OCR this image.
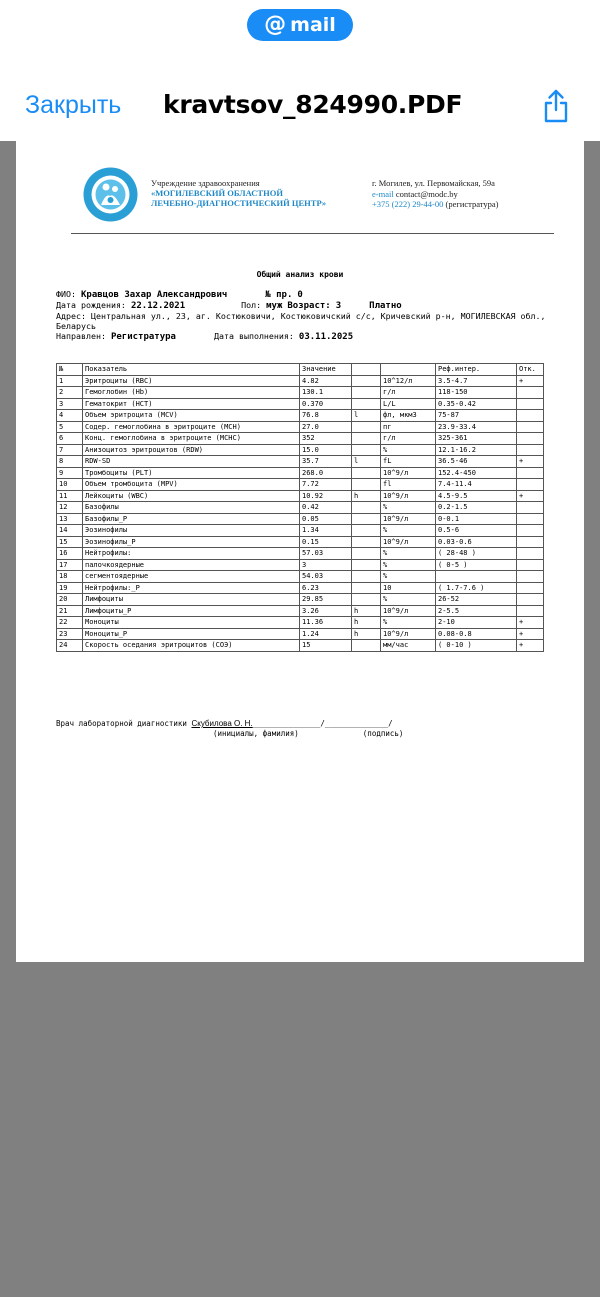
@ mail
Закрыть kravtsov_824990.PDF
Учреждение здравоохранения
«МОГИЛЕВСКИЙ ОБЛАСТНОЙ
ЛЕЧЕБНО-ДИАГНОСТИЧЕСКИЙ ЦЕНТР»
г. Могилев, ул. Первомайская, 59а
e-mail contact@modc.by
+375 (222) 29-44-00 (регистратура)
Общий анализ крови
ФИО: Кравцов Захар Александрович	№ пр. 0
Дата рождения: 22.12.2021	Пол: муж Возраст: 3	Платно
Адрес: Центральная ул., 23, аг. Костюковичи, Костюковичский с/с, Кричевский р-н, МОГИЛЕВСКАЯ обл., Беларусь
Направлен: Регистратура	Дата выполнения: 03.11.2025
№	Показатель	Значение			Реф.интер.	Отк.
1	Эритроциты (RBC)	4.82		10^12/л	3.5-4.7	+
2	Гемоглобин (Hb)	130.1		г/л	118-150	
3	Гематокрит (HCT)	0.370		L/L	0.35-0.42	
4	Объем эритроцита (MCV)	76.8	l	фл, мкм3	75-87	
5	Содер. гемоглобина в эритроците (MCH)	27.0		пг	23.9-33.4	
6	Конц. гемоглобина в эритроците (MCHC)	352		г/л	325-361	
7	Анизоцитоз эритроцитов (RDW)	15.0		%	12.1-16.2	
8	RDW-SD	35.7	l	fL	36.5-46	+
9	Тромбоциты (PLT)	268.0		10^9/л	152.4-450	
10	Объем тромбоцита (MPV)	7.72		fl	7.4-11.4	
11	Лейкоциты (WBC)	10.92	h	10^9/л	4.5-9.5	+
12	Базофилы	0.42		%	0.2-1.5	
13	Базофилы_P	0.05		10^9/л	0-0.1	
14	Эозинофилы	1.34		%	0.5-6	
15	Эозинофилы_P	0.15		10^9/л	0.03-0.6	
16	Нейтрофилы:	57.03		%	( 28-48 )	
17	палочкоядерные	3		%	( 0-5 )	
18	сегментоядерные	54.03		%		
19	Нейтрофилы:_P	6.23		10	( 1.7-7.6 )	
20	Лимфоциты	29.85		%	26-52	
21	Лимфоциты_P	3.26	h	10^9/л	2-5.5	
22	Моноциты	11.36	h	%	2-10	+
23	Моноциты_P	1.24	h	10^9/л	0.08-0.8	+
24	Скорость оседания эритроцитов (СОЭ)	15		мм/час	( 0-10 )	+
Врач лабораторной диагностики Скубилова О. Н._______________/______________/
(инициалы, фамилия)	(подпись)
